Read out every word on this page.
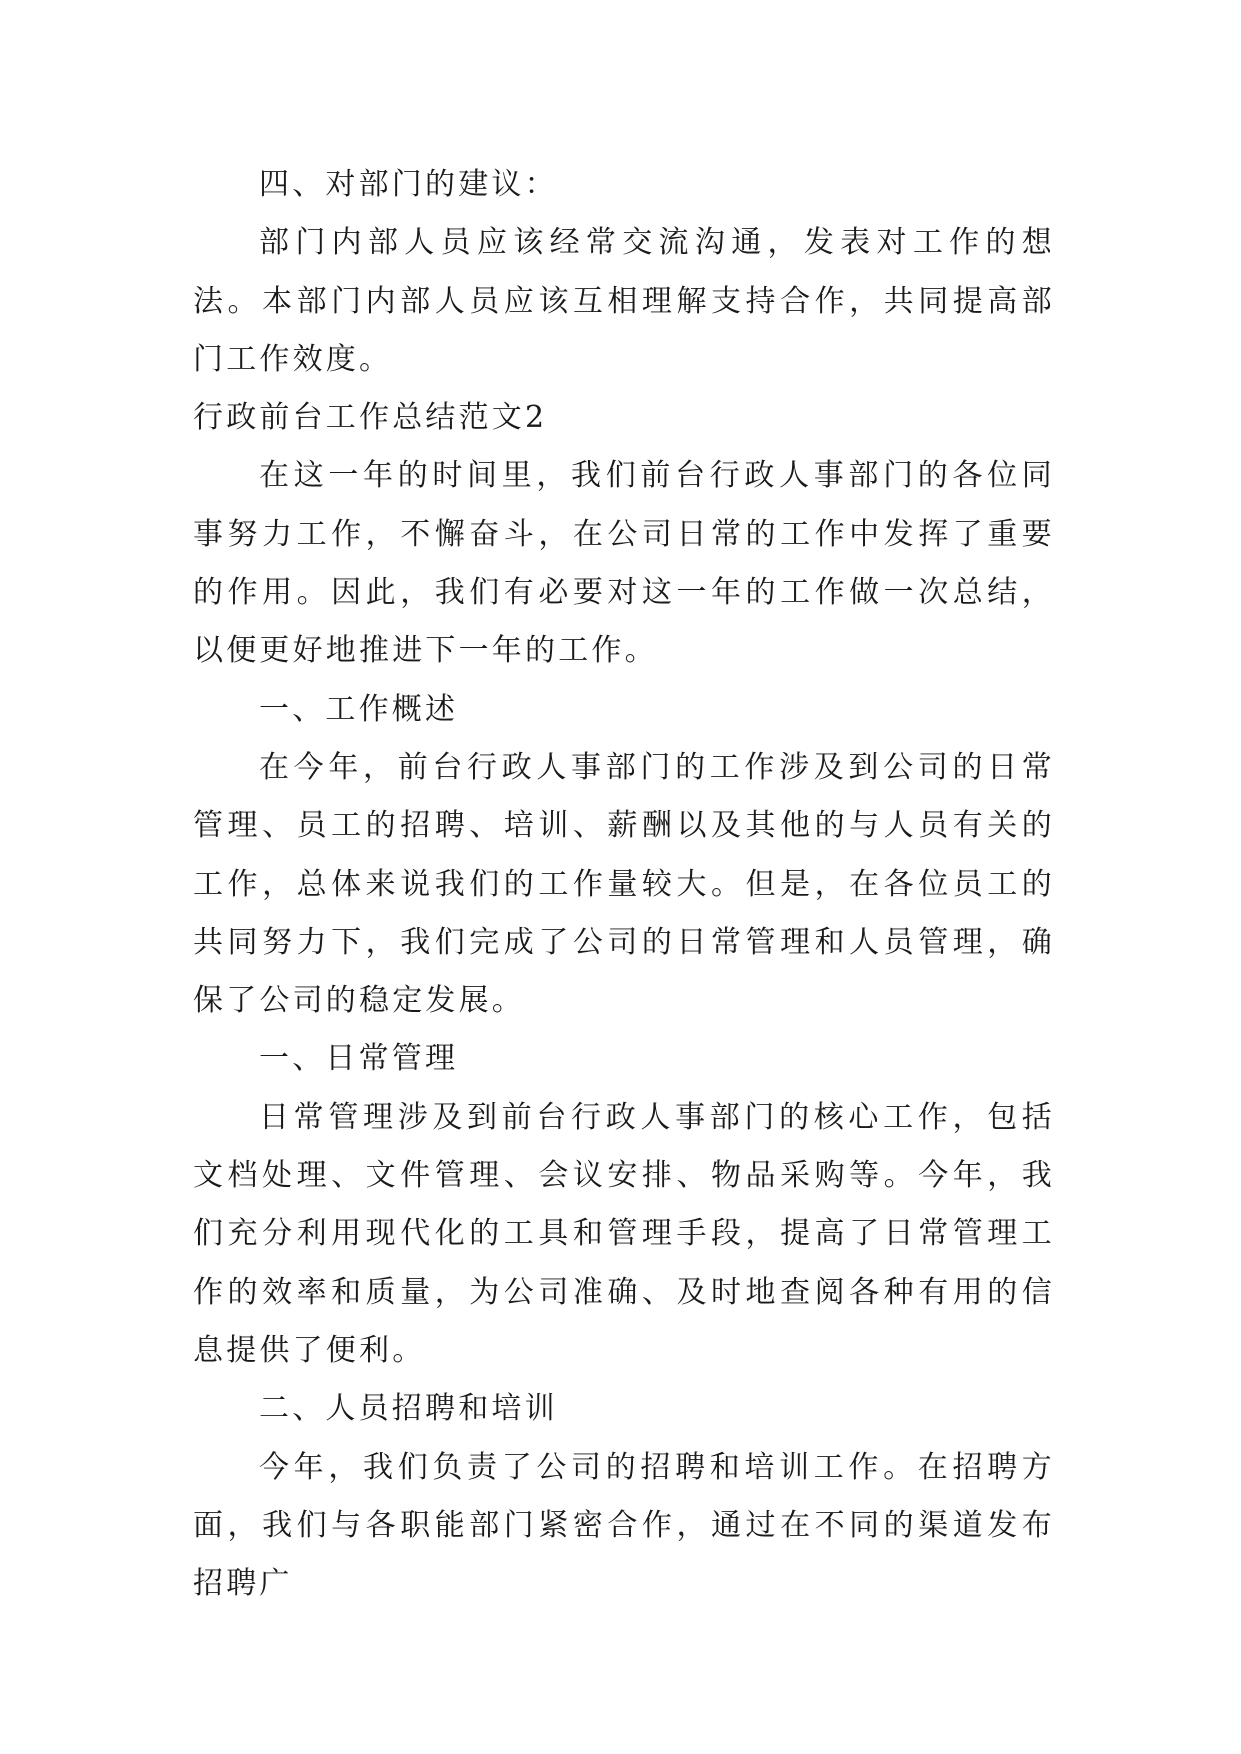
四、对部门的建议：

部门内部人员应该经常交流沟通，发表对工作的想法。本部门内部人员应该互相理解支持合作，共同提高部门工作效度。

行政前台工作总结范文2

在这一年的时间里，我们前台行政人事部门的各位同事努力工作，不懈奋斗，在公司日常的工作中发挥了重要的作用。因此，我们有必要对这一年的工作做一次总结，以便更好地推进下一年的工作。

一、工作概述

在今年，前台行政人事部门的工作涉及到公司的日常管理、员工的招聘、培训、薪酬以及其他的与人员有关的工作，总体来说我们的工作量较大。但是，在各位员工的共同努力下，我们完成了公司的日常管理和人员管理，确保了公司的稳定发展。

一、日常管理

日常管理涉及到前台行政人事部门的核心工作，包括文档处理、文件管理、会议安排、物品采购等。今年，我们充分利用现代化的工具和管理手段，提高了日常管理工作的效率和质量，为公司准确、及时地查阅各种有用的信息提供了便利。

二、人员招聘和培训

今年，我们负责了公司的招聘和培训工作。在招聘方面，我们与各职能部门紧密合作，通过在不同的渠道发布招聘广
